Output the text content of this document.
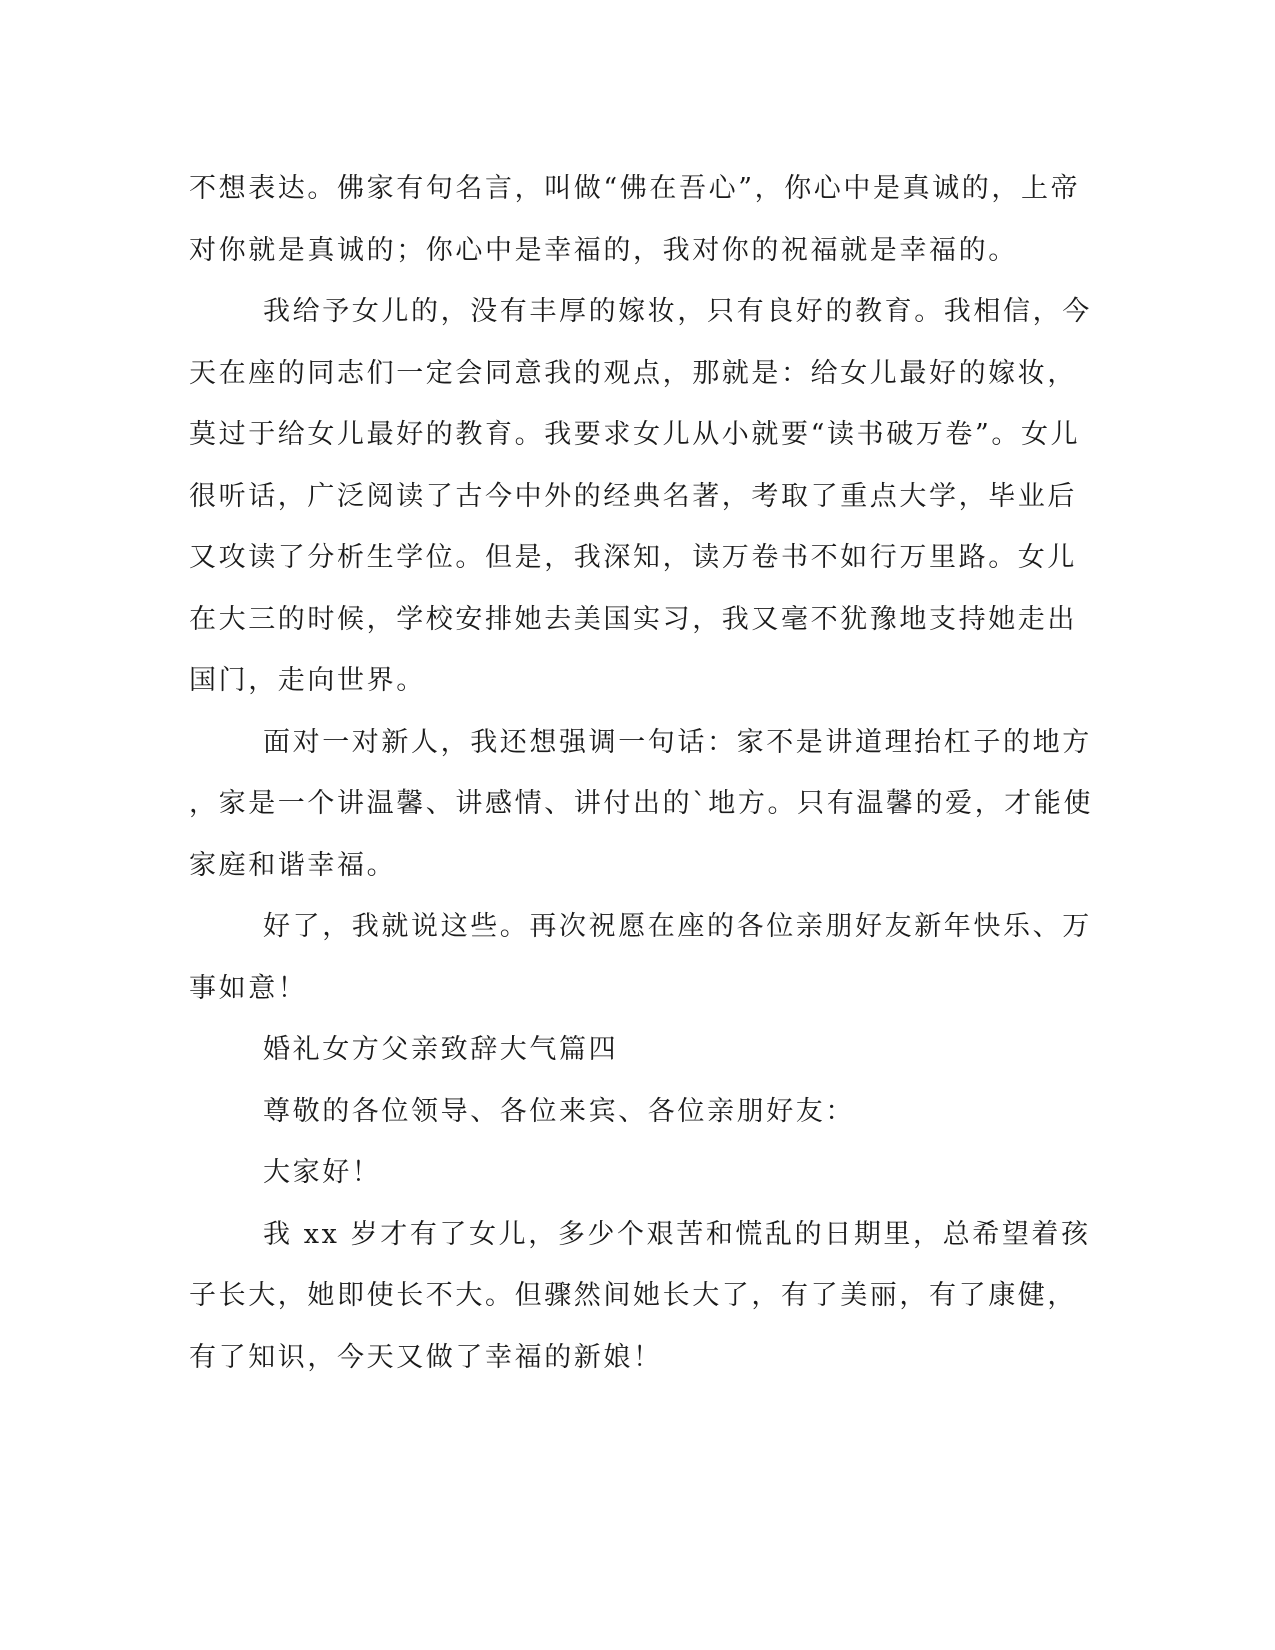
不想表达。佛家有句名言，叫做“佛在吾心”，你心中是真诚的，上帝
对你就是真诚的；你心中是幸福的，我对你的祝福就是幸福的。
我给予女儿的，没有丰厚的嫁妆，只有良好的教育。我相信，今
天在座的同志们一定会同意我的观点，那就是：给女儿最好的嫁妆，
莫过于给女儿最好的教育。我要求女儿从小就要“读书破万卷”。女儿
很听话，广泛阅读了古今中外的经典名著，考取了重点大学，毕业后
又攻读了分析生学位。但是，我深知，读万卷书不如行万里路。女儿
在大三的时候，学校安排她去美国实习，我又毫不犹豫地支持她走出
国门，走向世界。
面对一对新人，我还想强调一句话：家不是讲道理抬杠子的地方
，家是一个讲温馨、讲感情、讲付出的`地方。只有温馨的爱，才能使
家庭和谐幸福。
好了，我就说这些。再次祝愿在座的各位亲朋好友新年快乐、万
事如意！
婚礼女方父亲致辞大气篇四
尊敬的各位领导、各位来宾、各位亲朋好友：
大家好！
我 xx 岁才有了女儿，多少个艰苦和慌乱的日期里，总希望着孩
子长大，她即使长不大。但骤然间她长大了，有了美丽，有了康健，
有了知识，今天又做了幸福的新娘！
